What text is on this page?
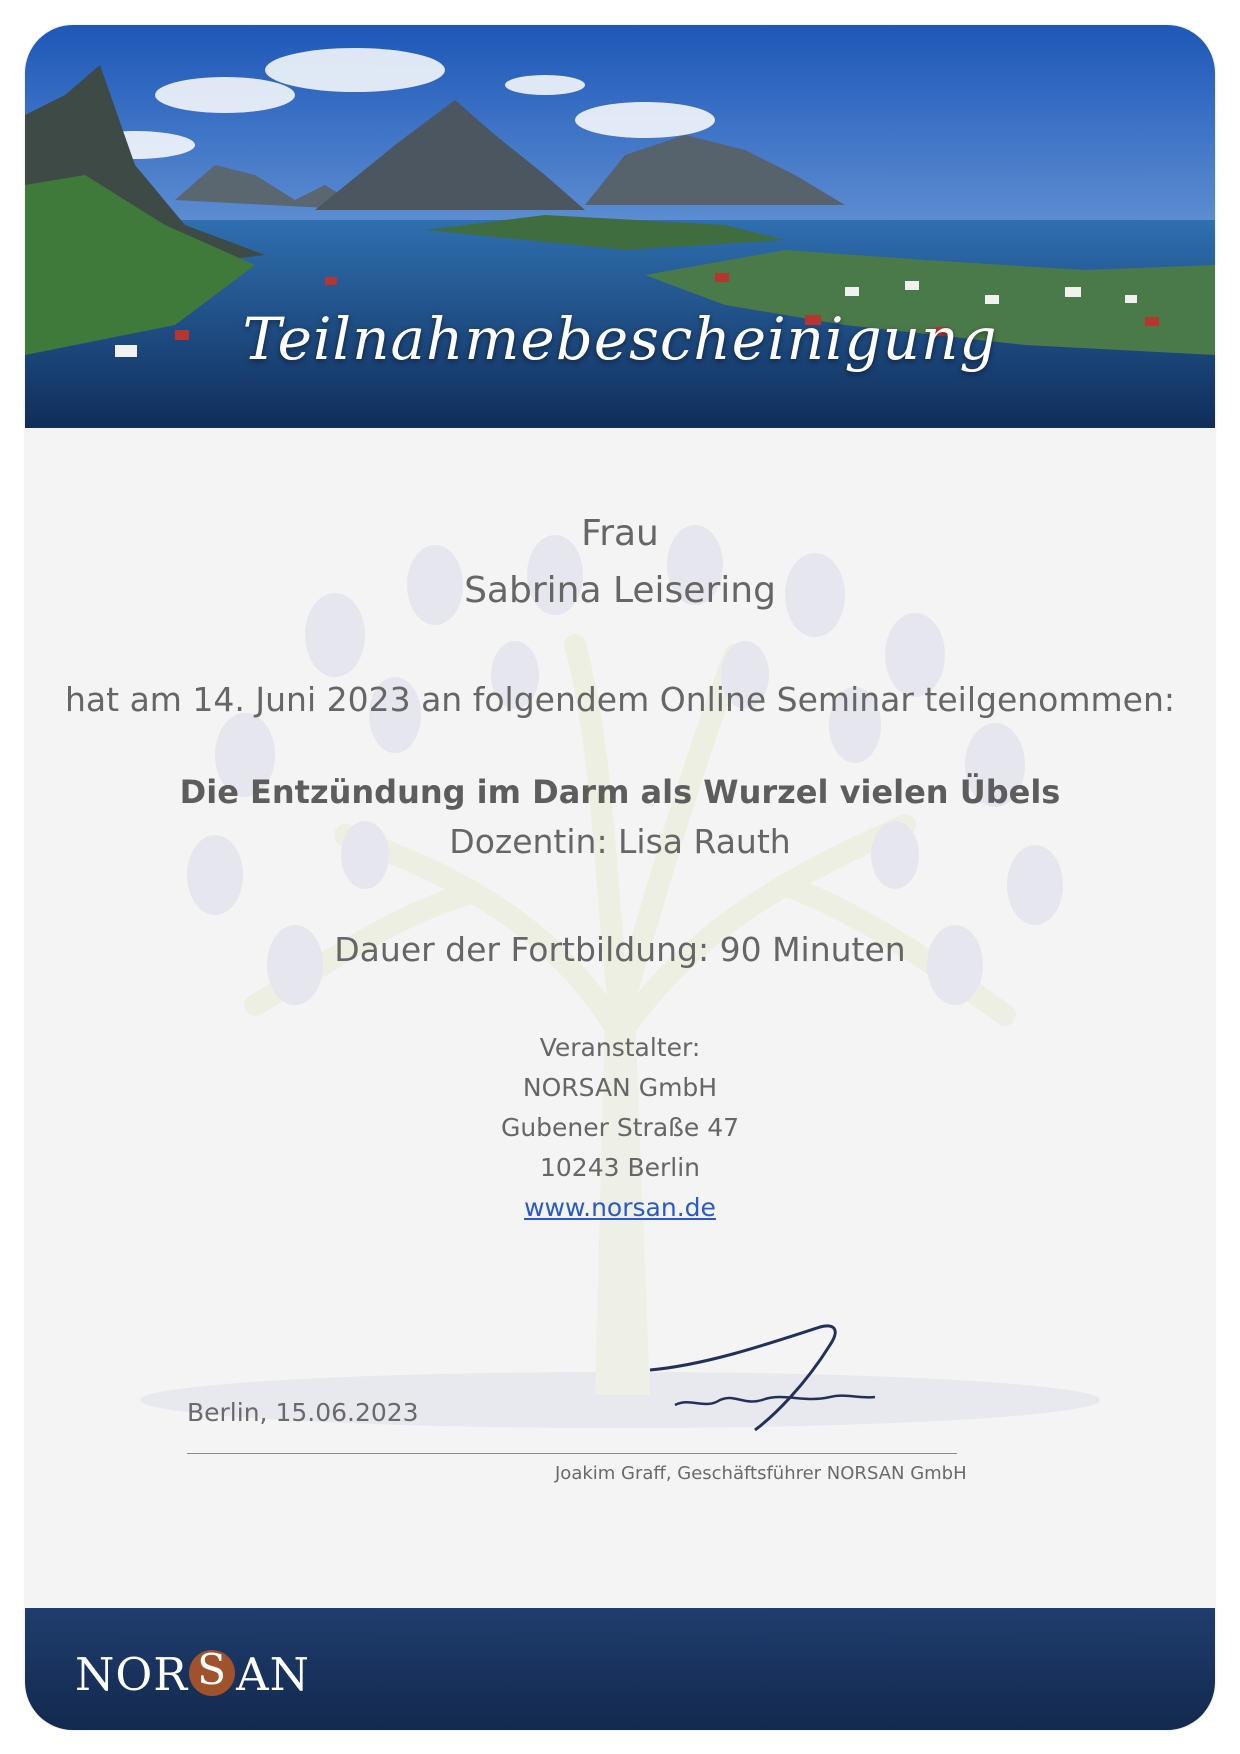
Teilnahmebescheinigung
Frau
Sabrina Leisering
hat am 14. Juni 2023 an folgendem Online Seminar teilgenommen:
Die Entzündung im Darm als Wurzel vielen Übels
Dozentin: Lisa Rauth
Dauer der Fortbildung: 90 Minuten
Veranstalter:
NORSAN GmbH
Gubener Straße 47
10243 Berlin
www.norsan.de
Berlin, 15.06.2023
Joakim Graff, Geschäftsführer NORSAN GmbH
NORS AN
